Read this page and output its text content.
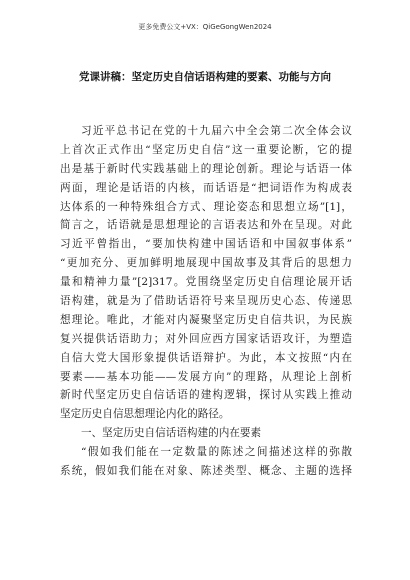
更多免费公文+VX：QiGeGongWen2024
党课讲稿：坚定历史自信话语构建的要素、功能与方向
习近平总书记在党的十九届六中全会第二次全体会议
上首次正式作出“坚定历史自信”这一重要论断，它的提
出是基于新时代实践基础上的理论创新。理论与话语一体
两面，理论是话语的内核，而话语是“把词语作为构成表
达体系的一种特殊组合方式、理论姿态和思想立场”[1]，
简言之，话语就是思想理论的言语表达和外在呈现。对此
习近平曾指出，“要加快构建中国话语和中国叙事体系”
“更加充分、更加鲜明地展现中国故事及其背后的思想力
量和精神力量”[2]317。党围绕坚定历史自信理论展开话
语构建，就是为了借助话语符号来呈现历史心态、传递思
想理论。唯此，才能对内凝聚坚定历史自信共识，为民族
复兴提供话语助力；对外回应西方国家话语攻讦，为塑造
自信大党大国形象提供话语辩护。为此，本文按照“内在
要素——基本功能——发展方向”的理路，从理论上剖析
新时代坚定历史自信话语的建构逻辑，探讨从实践上推动
坚定历史自信思想理论内化的路径。
一、坚定历史自信话语构建的内在要素
“假如我们能在一定数量的陈述之间描述这样的弥散
系统，假如我们能在对象、陈述类型、概念、主题的选择
